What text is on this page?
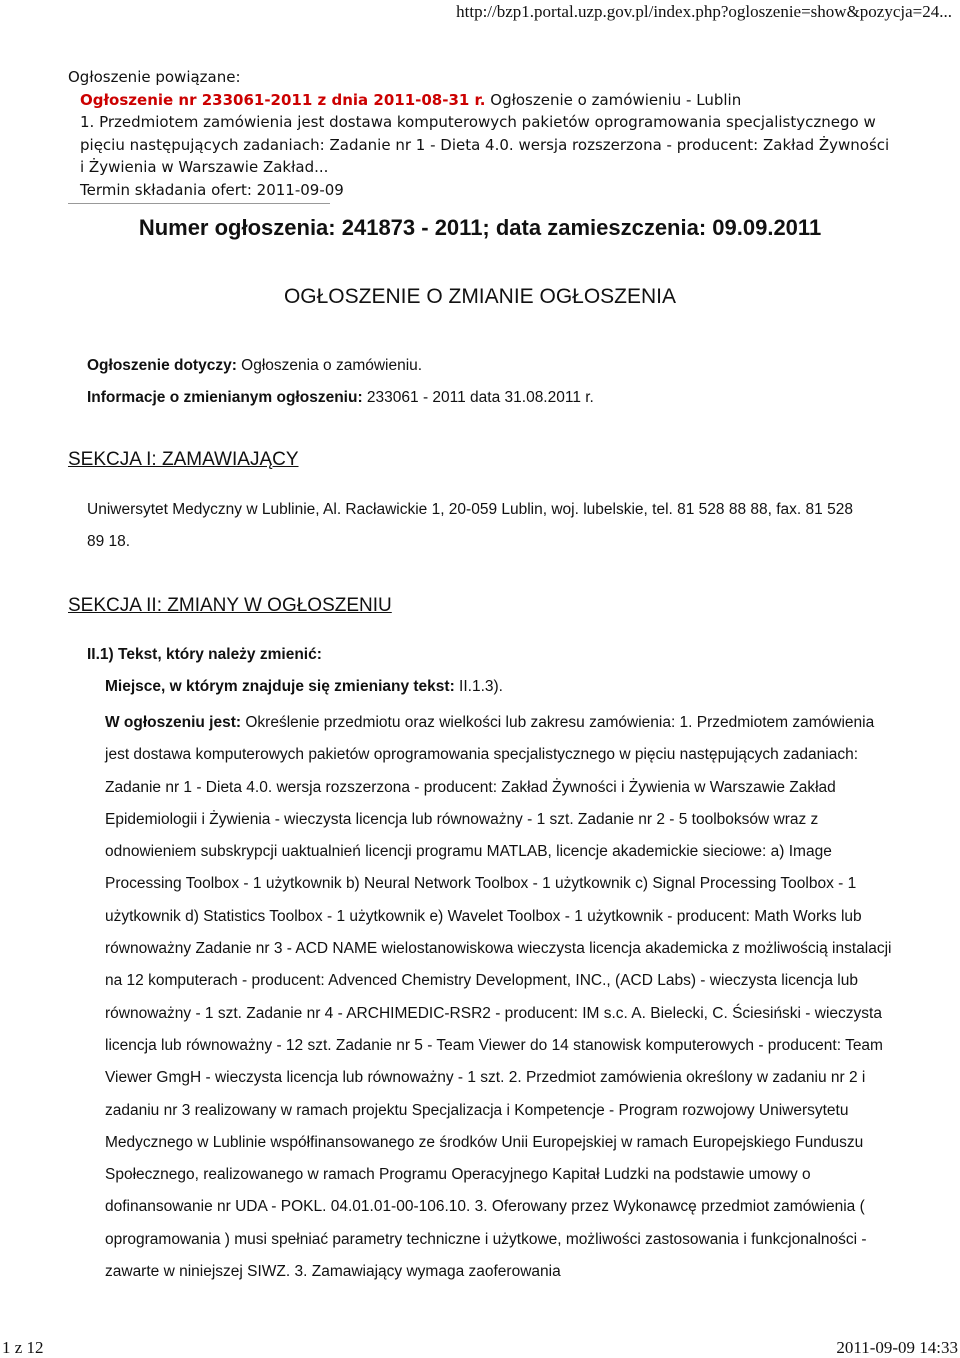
http://bzp1.portal.uzp.gov.pl/index.php?ogloszenie=show&pozycja=24...
Ogłoszenie powiązane:
Ogłoszenie nr 233061-2011 z dnia 2011-08-31 r. Ogłoszenie o zamówieniu - Lublin
1. Przedmiotem zamówienia jest dostawa komputerowych pakietów oprogramowania specjalistycznego w pięciu następujących zadaniach: Zadanie nr 1 - Dieta 4.0. wersja rozszerzona - producent: Zakład Żywności i Żywienia w Warszawie Zakład...
Termin składania ofert: 2011-09-09
Numer ogłoszenia: 241873 - 2011; data zamieszczenia: 09.09.2011
OGŁOSZENIE O ZMIANIE OGŁOSZENIA
Ogłoszenie dotyczy: Ogłoszenia o zamówieniu.
Informacje o zmienianym ogłoszeniu: 233061 - 2011 data 31.08.2011 r.
SEKCJA I: ZAMAWIAJĄCY
Uniwersytet Medyczny w Lublinie, Al. Racławickie 1, 20-059 Lublin, woj. lubelskie, tel. 81 528 88 88, fax. 81 528
89 18.
SEKCJA II: ZMIANY W OGŁOSZENIU
II.1) Tekst, który należy zmienić:
Miejsce, w którym znajduje się zmieniany tekst: II.1.3).
W ogłoszeniu jest: Określenie przedmiotu oraz wielkości lub zakresu zamówienia: 1. Przedmiotem zamówienia jest dostawa komputerowych pakietów oprogramowania specjalistycznego w pięciu następujących zadaniach: Zadanie nr 1 - Dieta 4.0. wersja rozszerzona - producent: Zakład Żywności i Żywienia w Warszawie Zakład Epidemiologii i Żywienia - wieczysta licencja lub równoważny - 1 szt. Zadanie nr 2 - 5 toolboksów wraz z odnowieniem subskrypcji uaktualnień licencji programu MATLAB, licencje akademickie sieciowe: a) Image Processing Toolbox - 1 użytkownik b) Neural Network Toolbox - 1 użytkownik c) Signal Processing Toolbox - 1 użytkownik d) Statistics Toolbox - 1 użytkownik e) Wavelet Toolbox - 1 użytkownik - producent: Math Works lub równoważny Zadanie nr 3 - ACD NAME wielostanowiskowa wieczysta licencja akademicka z możliwością instalacji na 12 komputerach - producent: Advenced Chemistry Development, INC., (ACD Labs) - wieczysta licencja lub równoważny - 1 szt. Zadanie nr 4 - ARCHIMEDIC-RSR2 - producent: IM s.c. A. Bielecki, C. Ściesiński - wieczysta licencja lub równoważny - 12 szt. Zadanie nr 5 - Team Viewer do 14 stanowisk komputerowych - producent: Team Viewer GmgH - wieczysta licencja lub równoważny - 1 szt. 2. Przedmiot zamówienia określony w zadaniu nr 2 i zadaniu nr 3 realizowany w ramach projektu Specjalizacja i Kompetencje - Program rozwojowy Uniwersytetu Medycznego w Lublinie współfinansowanego ze środków Unii Europejskiej w ramach Europejskiego Funduszu Społecznego, realizowanego w ramach Programu Operacyjnego Kapitał Ludzki na podstawie umowy o dofinansowanie nr UDA - POKL. 04.01.01-00-106.10. 3. Oferowany przez Wykonawcę przedmiot zamówienia ( oprogramowania ) musi spełniać parametry techniczne i użytkowe, możliwości zastosowania i funkcjonalności - zawarte w niniejszej SIWZ. 3. Zamawiający wymaga zaoferowania
1 z 12	2011-09-09 14:33
